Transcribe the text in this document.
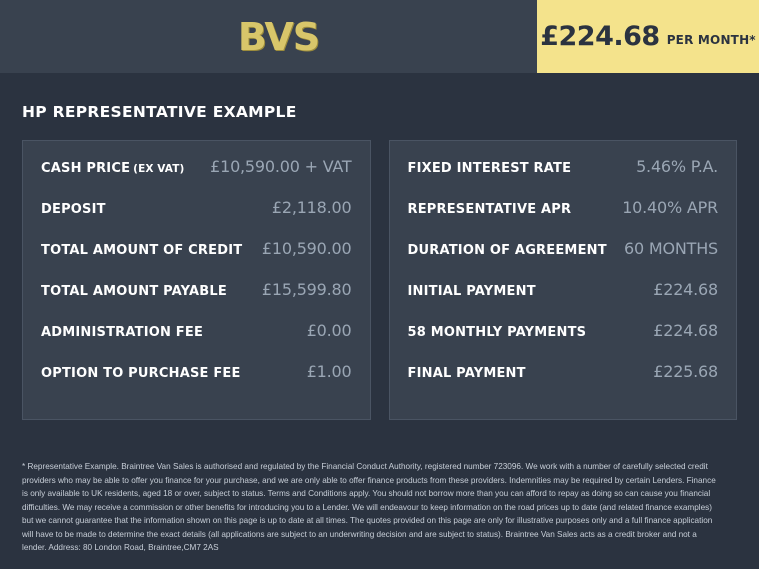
BVS	£224.68 PER MONTH*
HP REPRESENTATIVE EXAMPLE
CASH PRICE (EX VAT) £10,590.00 + VAT
DEPOSIT	£2,118.00
TOTAL AMOUNT OF CREDIT £10,590.00
TOTAL AMOUNT PAYABLE £15,599.80
ADMINISTRATION FEE	£0.00
OPTION TO PURCHASE FEE	£1.00
FIXED INTEREST RATE	5.46% P.A.
REPRESENTATIVE APR	10.40% APR
DURATION OF AGREEMENT 60 MONTHS
INITIAL PAYMENT	£224.68
58 MONTHLY PAYMENTS	£224.68
FINAL PAYMENT	£225.68
* Representative Example. Braintree Van Sales is authorised and regulated by the Financial Conduct Authority, registered number 723096. We work with a number of carefully selected credit providers who may be able to offer you finance for your purchase, and we are only able to offer finance products from these providers. Indemnities may be required by certain Lenders. Finance is only available to UK residents, aged 18 or over, subject to status. Terms and Conditions apply. You should not borrow more than you can afford to repay as doing so can cause you financial difficulties. We may receive a commission or other benefits for introducing you to a Lender. We will endeavour to keep information on the road prices up to date (and related finance examples) but we cannot guarantee that the information shown on this page is up to date at all times. The quotes provided on this page are only for illustrative purposes only and a full finance application will have to be made to determine the exact details (all applications are subject to an underwriting decision and are subject to status). Braintree Van Sales acts as a credit broker and not a lender. Address: 80 London Road, Braintree,CM7 2AS
